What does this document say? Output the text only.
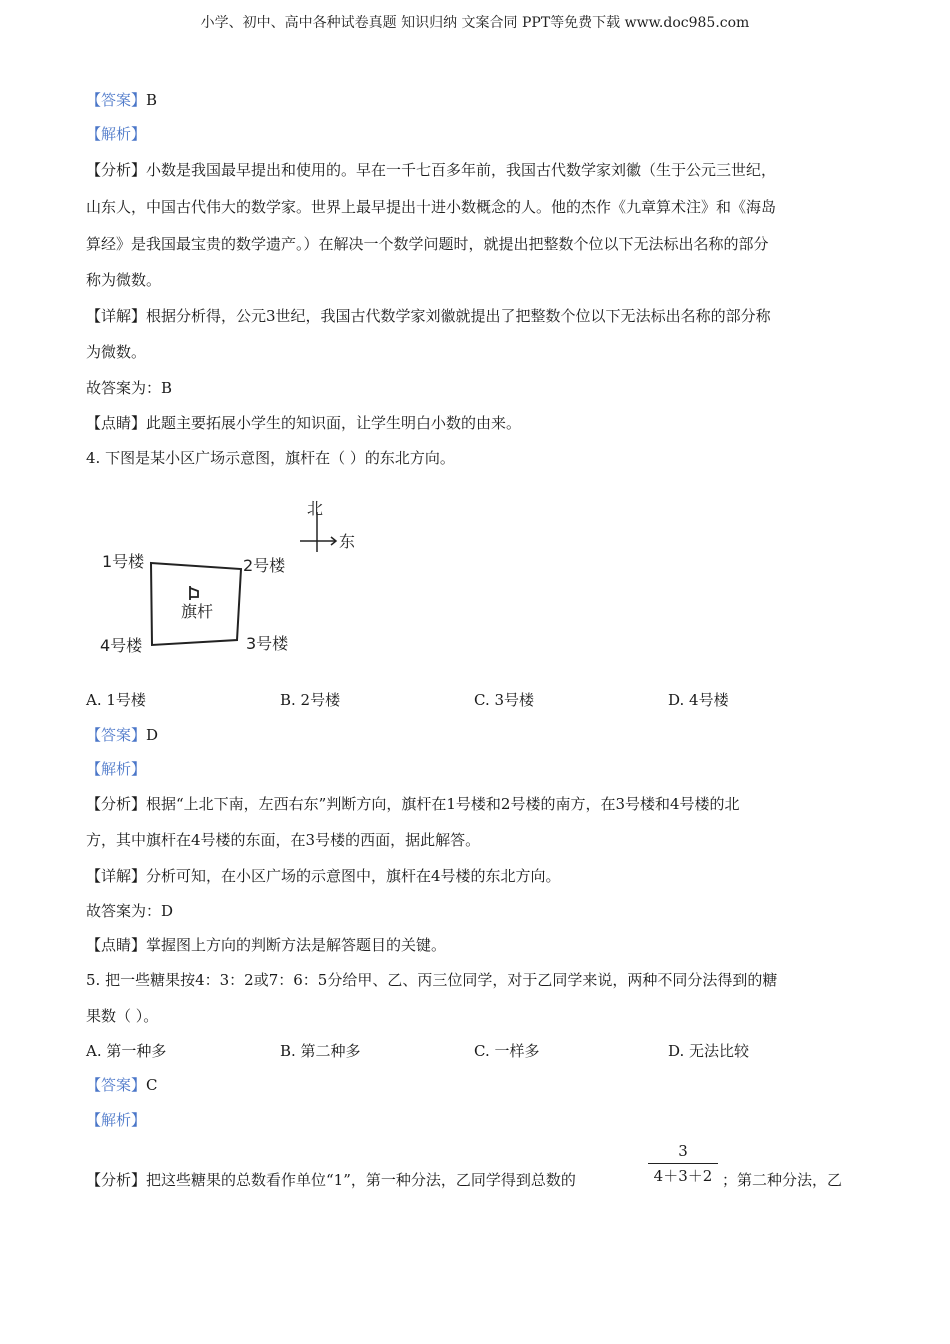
小学、初中、高中各种试卷真题 知识归纳 文案合同 PPT等免费下载 www.doc985.com
【答案】B
【解析】
【分析】小数是我国最早提出和使用的。早在一千七百多年前，我国古代数学家刘徽（生于公元三世纪，
山东人，中国古代伟大的数学家。世界上最早提出十进小数概念的人。他的杰作《九章算术注》和《海岛
算经》是我国最宝贵的数学遗产。）在解决一个数学问题时，就提出把整数个位以下无法标出名称的部分
称为微数。
【详解】根据分析得，公元3世纪，我国古代数学家刘徽就提出了把整数个位以下无法标出名称的部分称
为微数。
故答案为：B
【点睛】此题主要拓展小学生的知识面，让学生明白小数的由来。
4. 下图是某小区广场示意图，旗杆在（ ）的东北方向。
北
东
旗杆
1号楼	2号楼
3号楼
4号楼
A. 1号楼	B. 2号楼	C. 3号楼	D. 4号楼
【答案】D
【解析】
【分析】根据“上北下南，左西右东”判断方向，旗杆在1号楼和2号楼的南方，在3号楼和4号楼的北
方，其中旗杆在4号楼的东面，在3号楼的西面，据此解答。
【详解】分析可知，在小区广场的示意图中，旗杆在4号楼的东北方向。
故答案为：D
【点睛】掌握图上方向的判断方法是解答题目的关键。
5. 把一些糖果按4：3：2或7：6：5分给甲、乙、丙三位同学，对于乙同学来说，两种不同分法得到的糖
果数（ ）。
A. 第一种多	B. 第二种多	C. 一样多	D. 无法比较
【答案】C
【解析】
【分析】把这些糖果的总数看作单位“1”，第一种分法，乙同学得到总数的
3
4＋3＋2 ；第二种分法，乙
